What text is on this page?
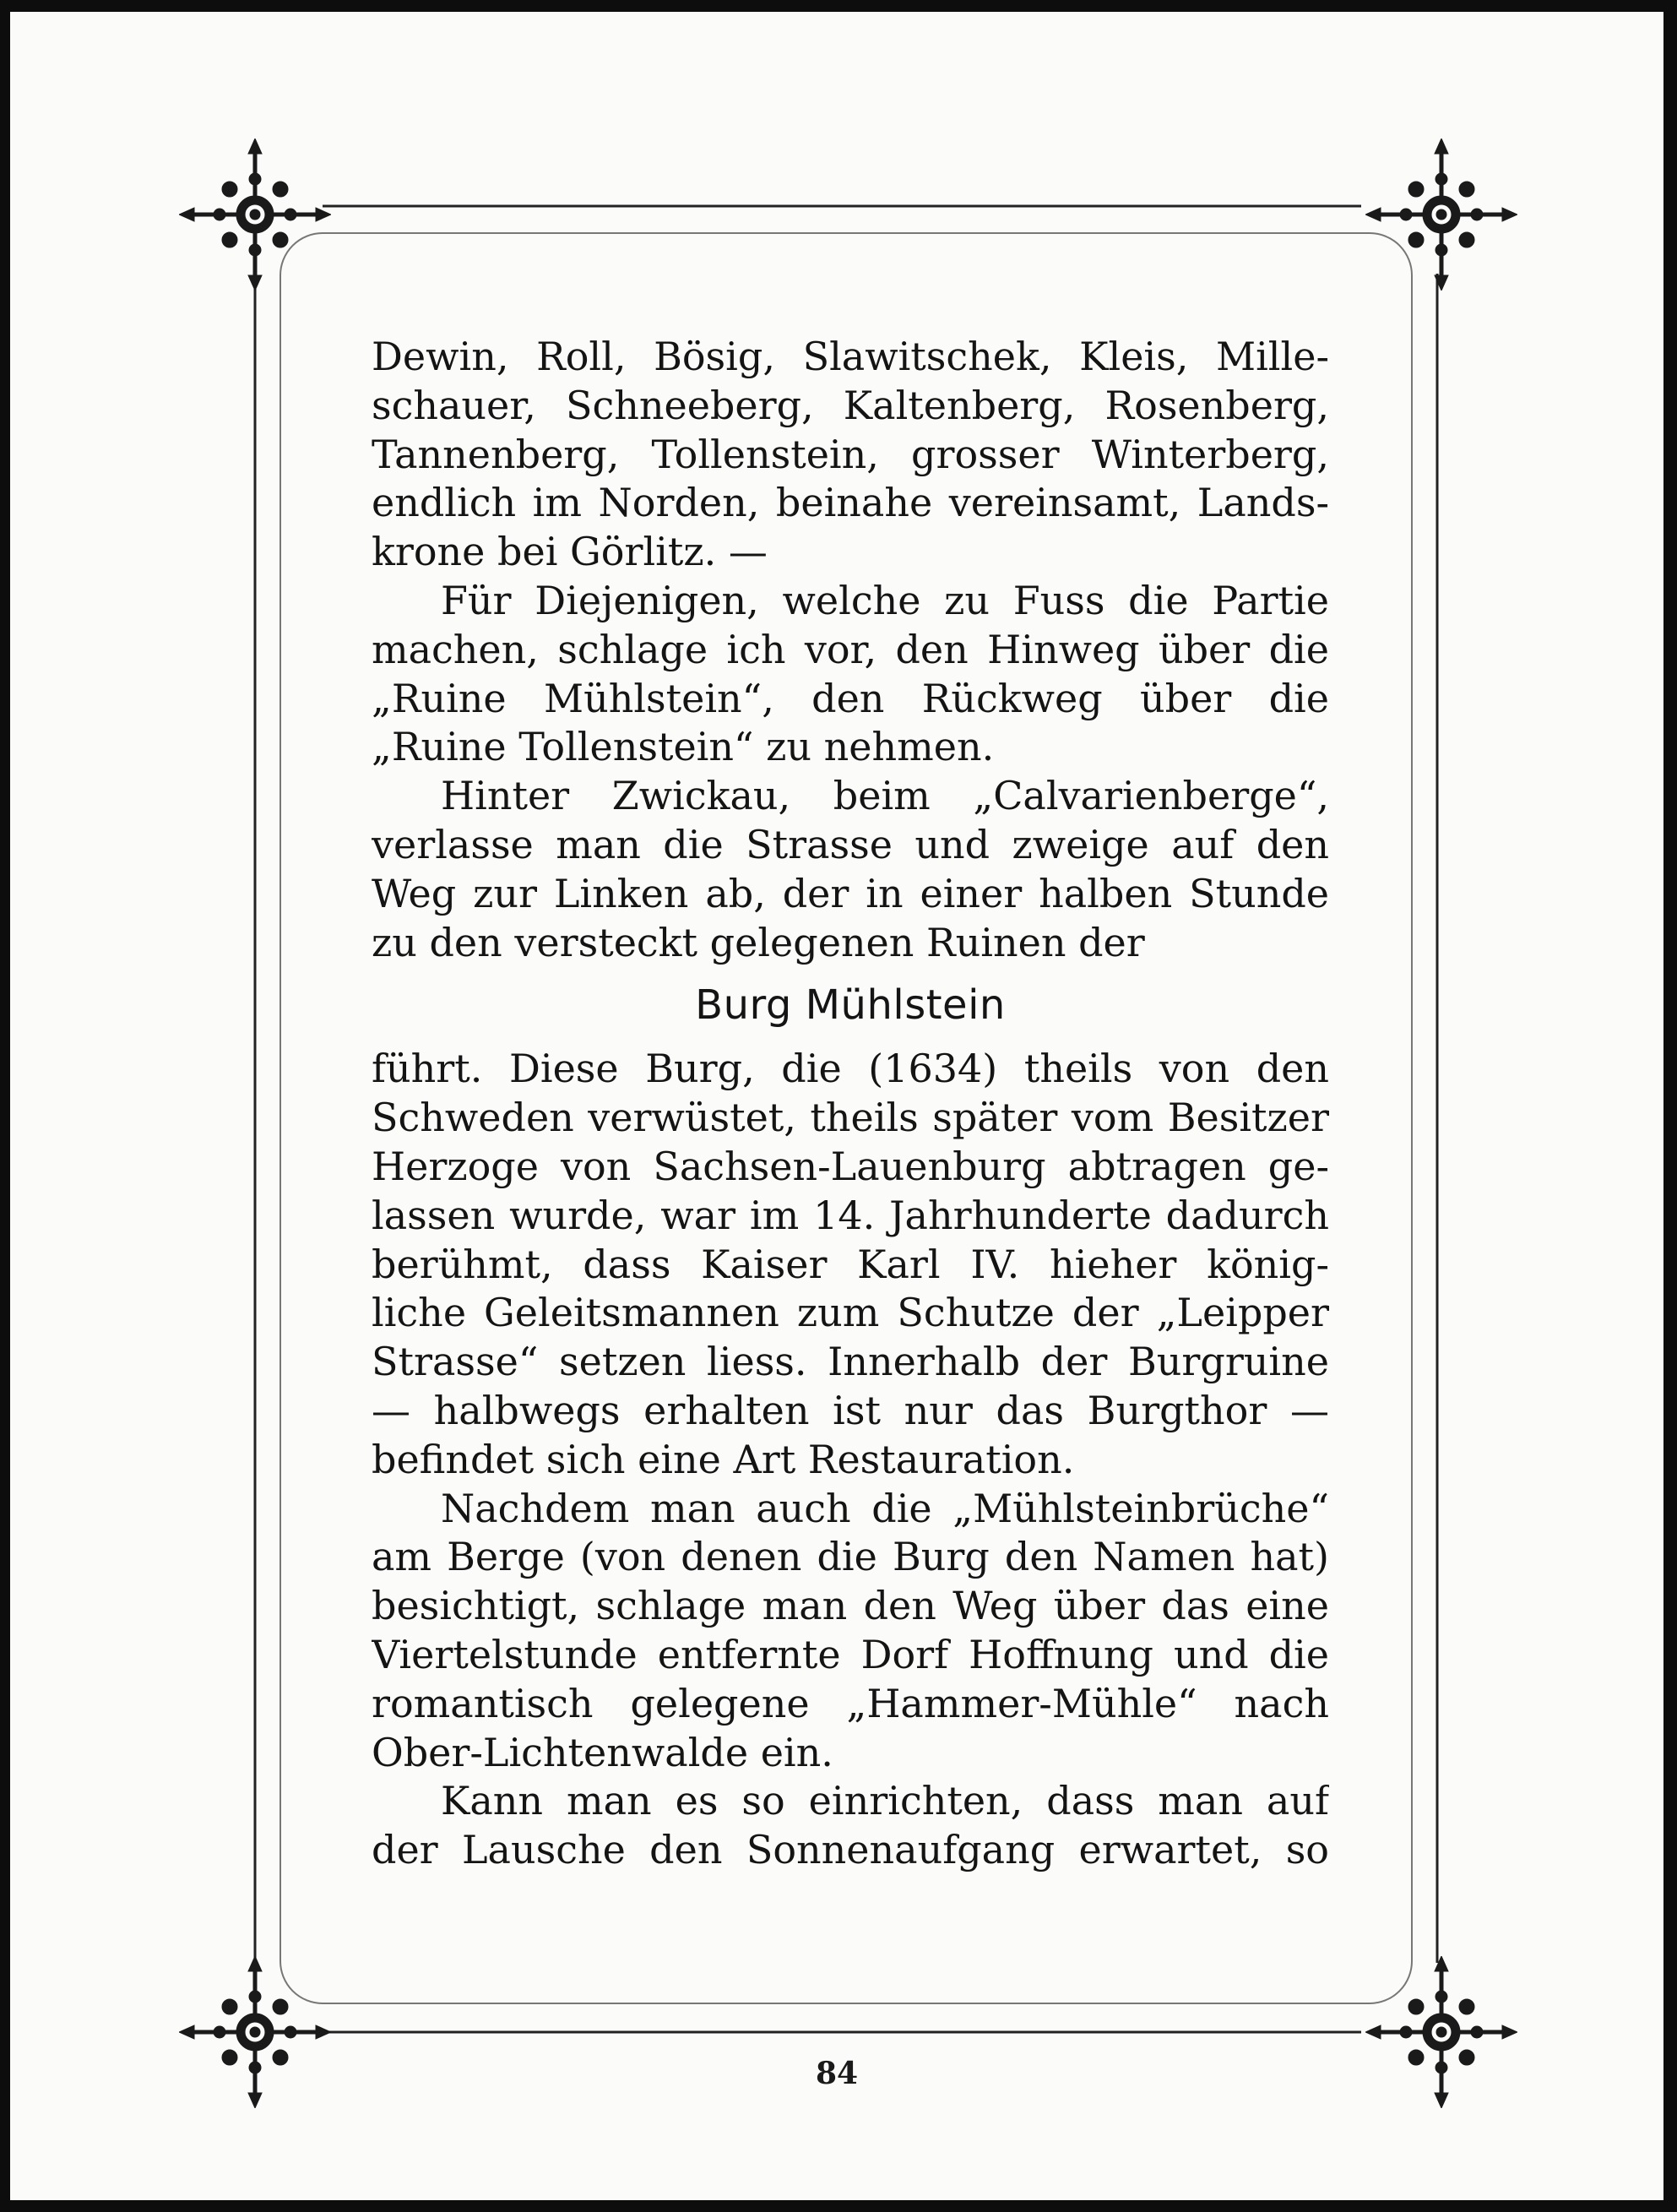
Dewin, Roll, Bösig, Slawitschek, Kleis, Mille-
schauer, Schneeberg, Kaltenberg, Rosenberg,
Tannenberg, Tollenstein, grosser Winterberg,
endlich im Norden, beinahe vereinsamt, Lands-
krone bei Görlitz. —
Für Diejenigen, welche zu Fuss die Partie
machen, schlage ich vor, den Hinweg über die
„Ruine Mühlstein“, den Rückweg über die
„Ruine Tollenstein“ zu nehmen.
Hinter Zwickau, beim „Calvarienberge“,
verlasse man die Strasse und zweige auf den
Weg zur Linken ab, der in einer halben Stunde
zu den versteckt gelegenen Ruinen der
Burg Mühlstein
führt. Diese Burg, die (1634) theils von den
Schweden verwüstet, theils später vom Besitzer
Herzoge von Sachsen-Lauenburg abtragen ge-
lassen wurde, war im 14. Jahrhunderte dadurch
berühmt, dass Kaiser Karl IV. hieher könig-
liche Geleitsmannen zum Schutze der „Leipper
Strasse“ setzen liess. Innerhalb der Burgruine
— halbwegs erhalten ist nur das Burgthor —
befindet sich eine Art Restauration.
Nachdem man auch die „Mühlsteinbrüche“
am Berge (von denen die Burg den Namen hat)
besichtigt, schlage man den Weg über das eine
Viertelstunde entfernte Dorf Hoffnung und die
romantisch gelegene „Hammer-Mühle“ nach
Ober-Lichtenwalde ein.
Kann man es so einrichten, dass man auf
der Lausche den Sonnenaufgang erwartet, so
84
